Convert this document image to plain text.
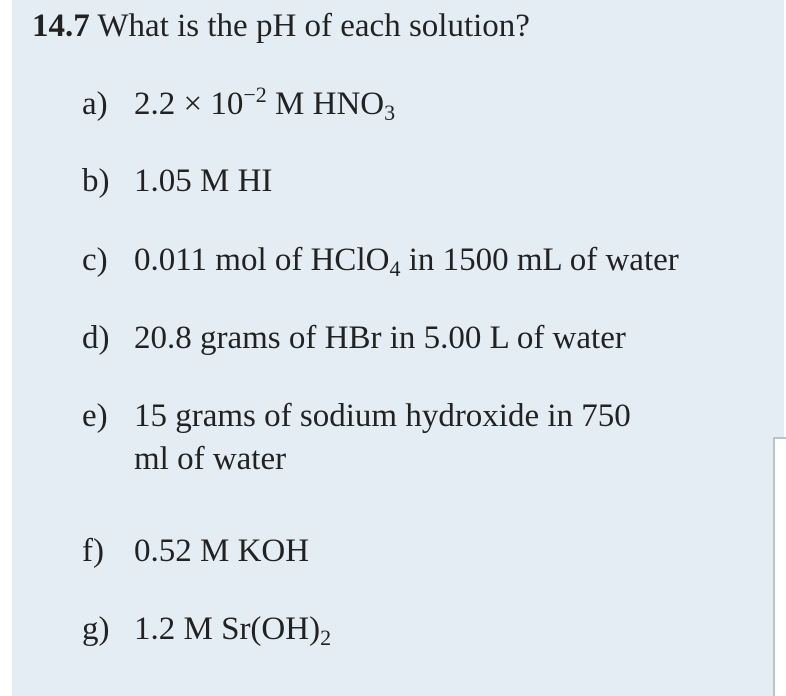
14.7 What is the pH of each solution?
a) $2.2 \times 10^{-2}$ M $HNO_3$
b) 1.05 M HI
c) 0.011 mol of HClO$_4$ in 1500 mL of water
d) 20.8 grams of HBr in 5.00 L of water
e) 15 grams of sodium hydroxide in 750
ml of water
f) 0.52 M KOH
g) 1.2 M $Sr(OH)_2$
